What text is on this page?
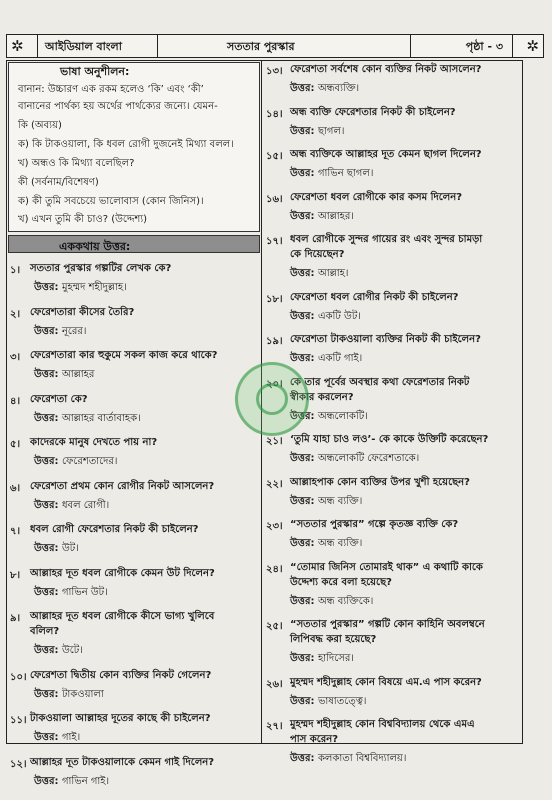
✲ আইডিয়াল বাংলা	সততার পুরস্কার	পৃষ্ঠা - ৩ ✲
ভাষা অনুশীলন:
বানান: উচ্চারণ এক রকম হলেও ‘কি’ এবং ‘কী’
বানানের পার্থক্য হয় অর্থের পার্থক্যের জন্যে। যেমন-
কি (অব্যয়)
ক) কি টাকওয়ালা, কি ধবল রোগী দুজনেই মিথ্যা বলল।
খ) অন্ধও কি মিথ্যা বলেছিল?
কী (সর্বনাম/বিশেষণ)
ক) কী তুমি সবচেয়ে ভালোবাস (কোন জিনিস)।
খ) এখন তুমি কী চাও? (উদ্দেশ্য)
এককথায় উত্তর:
১। সততার পুরস্কার গল্পটির লেখক কে?
উত্তর: মুহম্মদ শহীদুল্লাহ।
২। ফেরেশতারা কীসের তৈরি?
উত্তর: নূরের।
৩। ফেরেশতারা কার হুকুমে সকল কাজ করে থাকে?
উত্তর: আল্লাহর
৪। ফেরেশতা কে?
উত্তর: আল্লাহর বার্তাবাহক।
৫। কাদেরকে মানুষ দেখতে পায় না?
উত্তর: ফেরেশতাদের।
৬। ফেরেশতা প্রথম কোন রোগীর নিকট আসলেন?
উত্তর: ধবল রোগী।
৭। ধবল রোগী ফেরেশতার নিকট কী চাইলেন?
উত্তর: উট।
৮। আল্লাহর দূত ধবল রোগীকে কেমন উট দিলেন?
উত্তর: গাভিন উট।
৯। আল্লাহর দূত ধবল রোগীকে কীসে ভাগ্য খুলিবে
বলিল?
উত্তর: উটে।
১০। ফেরেশতা দ্বিতীয় কোন ব্যক্তির নিকট গেলেন?
উত্তর: টাকওয়ালা
১১। টাকওয়ালা আল্লাহর দূতের কাছে কী চাইলেন?
উত্তর: গাই।
১২। আল্লাহর দূত টাকওয়ালাকে কেমন গাই দিলেন?
উত্তর: গাভিন গাই।
১৩। ফেরেশতা সর্বশেষ কোন ব্যক্তির নিকট আসলেন?
উত্তর: অন্ধব্যক্তি।
১৪। অন্ধ ব্যক্তি ফেরেশতার নিকট কী চাইলেন?
উত্তর: ছাগল।
১৫। অন্ধ ব্যক্তিকে আল্লাহর দূত কেমন ছাগল দিলেন?
উত্তর: গাভিন ছাগল।
১৬। ফেরেশতা ধবল রোগীকে কার কসম দিলেন?
উত্তর: আল্লাহর।
১৭। ধবল রোগীকে সুন্দর গায়ের রং এবং সুন্দর চামড়া
কে দিয়েছেন?
উত্তর: আল্লাহ।
১৮। ফেরেশতা ধবল রোগীর নিকট কী চাইলেন?
উত্তর: একটি উট।
১৯। ফেরেশতা টাকওয়ালা ব্যক্তির নিকট কী চাইলেন?
উত্তর: একটি গাই।
২০। কে তার পূর্বের অবস্থার কথা ফেরেশতার নিকট
স্বীকার করলেন?
উত্তর: অন্ধলোকটি।
২১। ‘তুমি যাহা চাও লও’- কে কাকে উক্তিটি করেছেন?
উত্তর: অন্ধলোকটি ফেরেশতাকে।
২২। আল্লাহপাক কোন ব্যক্তির উপর খুশী হয়েছেন?
উত্তর: অন্ধ ব্যক্তি।
২৩। “সততার পুরস্কার” গল্পে কৃতজ্ঞ ব্যক্তি কে?
উত্তর: অন্ধ ব্যক্তি।
২৪। “তোমার জিনিস তোমারই থাক” এ কথাটি কাকে
উদ্দেশ্য করে বলা হয়েছে?
উত্তর: অন্ধ ব্যক্তিকে।
২৫। “সততার পুরস্কার” গল্পটি কোন কাহিনি অবলম্বনে
লিপিবদ্ধ করা হয়েছে?
উত্তর: হাদিসের।
২৬। মুহম্মদ শহীদুল্লাহ কোন বিষয়ে এম.এ পাস করেন?
উত্তর: ভাষাতত্ত্বে।
২৭। মুহম্মদ শহীদুল্লাহ কোন বিশ্ববিদ্যালয় থেকে এমএ
পাস করেন?
উত্তর: কলকাতা বিশ্ববিদ্যালয়।
